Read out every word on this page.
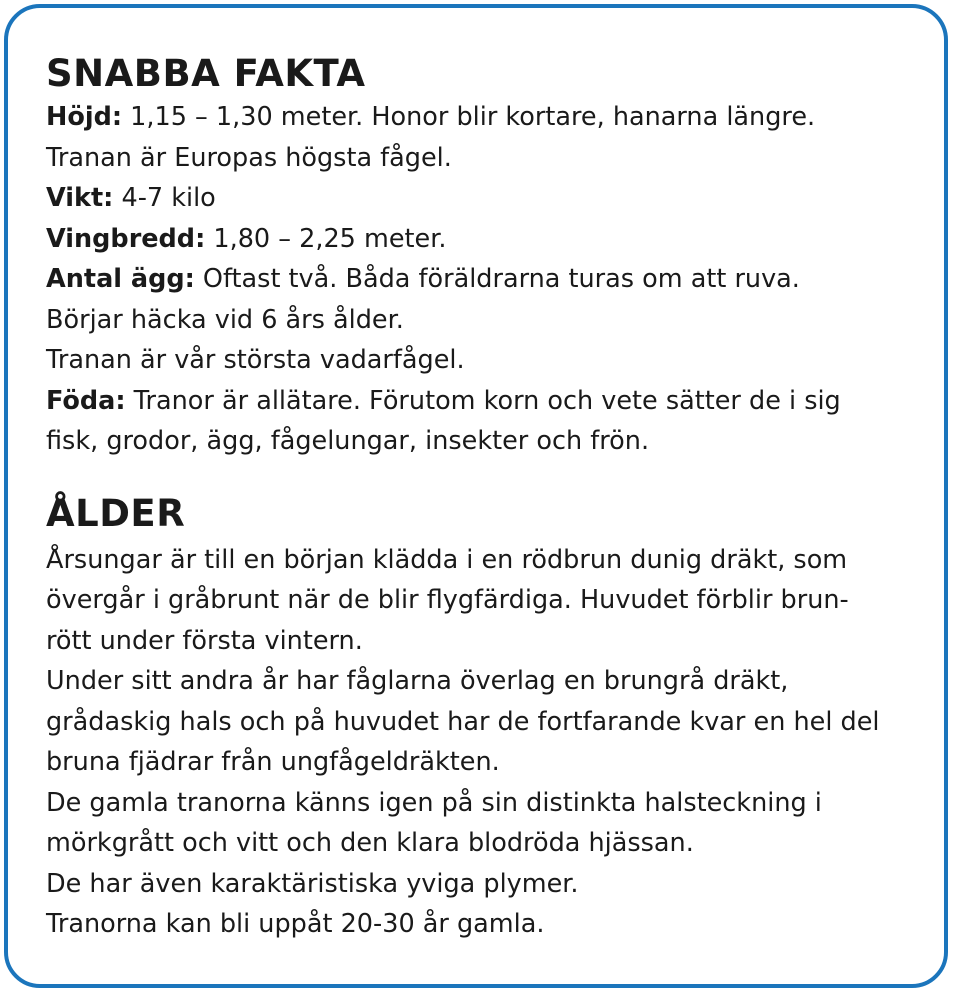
SNABBA FAKTA

Höjd: 1,15 – 1,30 meter. Honor blir kortare, hanarna längre.

Tranan är Europas högsta fågel.

Vikt: 4-7 kilo

Vingbredd: 1,80 – 2,25 meter.

Antal ägg: Oftast två. Båda föräldrarna turas om att ruva.

Börjar häcka vid 6 års ålder.

Tranan är vår största vadarfågel.

Föda: Tranor är allätare. Förutom korn och vete sätter de i sig

fisk, grodor, ägg, fågelungar, insekter och frön.

ÅLDER

Årsungar är till en början klädda i en rödbrun dunig dräkt, som

övergår i gråbrunt när de blir flygfärdiga. Huvudet förblir brun-

rött under första vintern.

Under sitt andra år har fåglarna överlag en brungrå dräkt,

grådaskig hals och på huvudet har de fortfarande kvar en hel del

bruna fjädrar från ungfågeldräkten.

De gamla tranorna känns igen på sin distinkta halsteckning i

mörkgrått och vitt och den klara blodröda hjässan.

De har även karaktäristiska yviga plymer.

Tranorna kan bli uppåt 20-30 år gamla.
